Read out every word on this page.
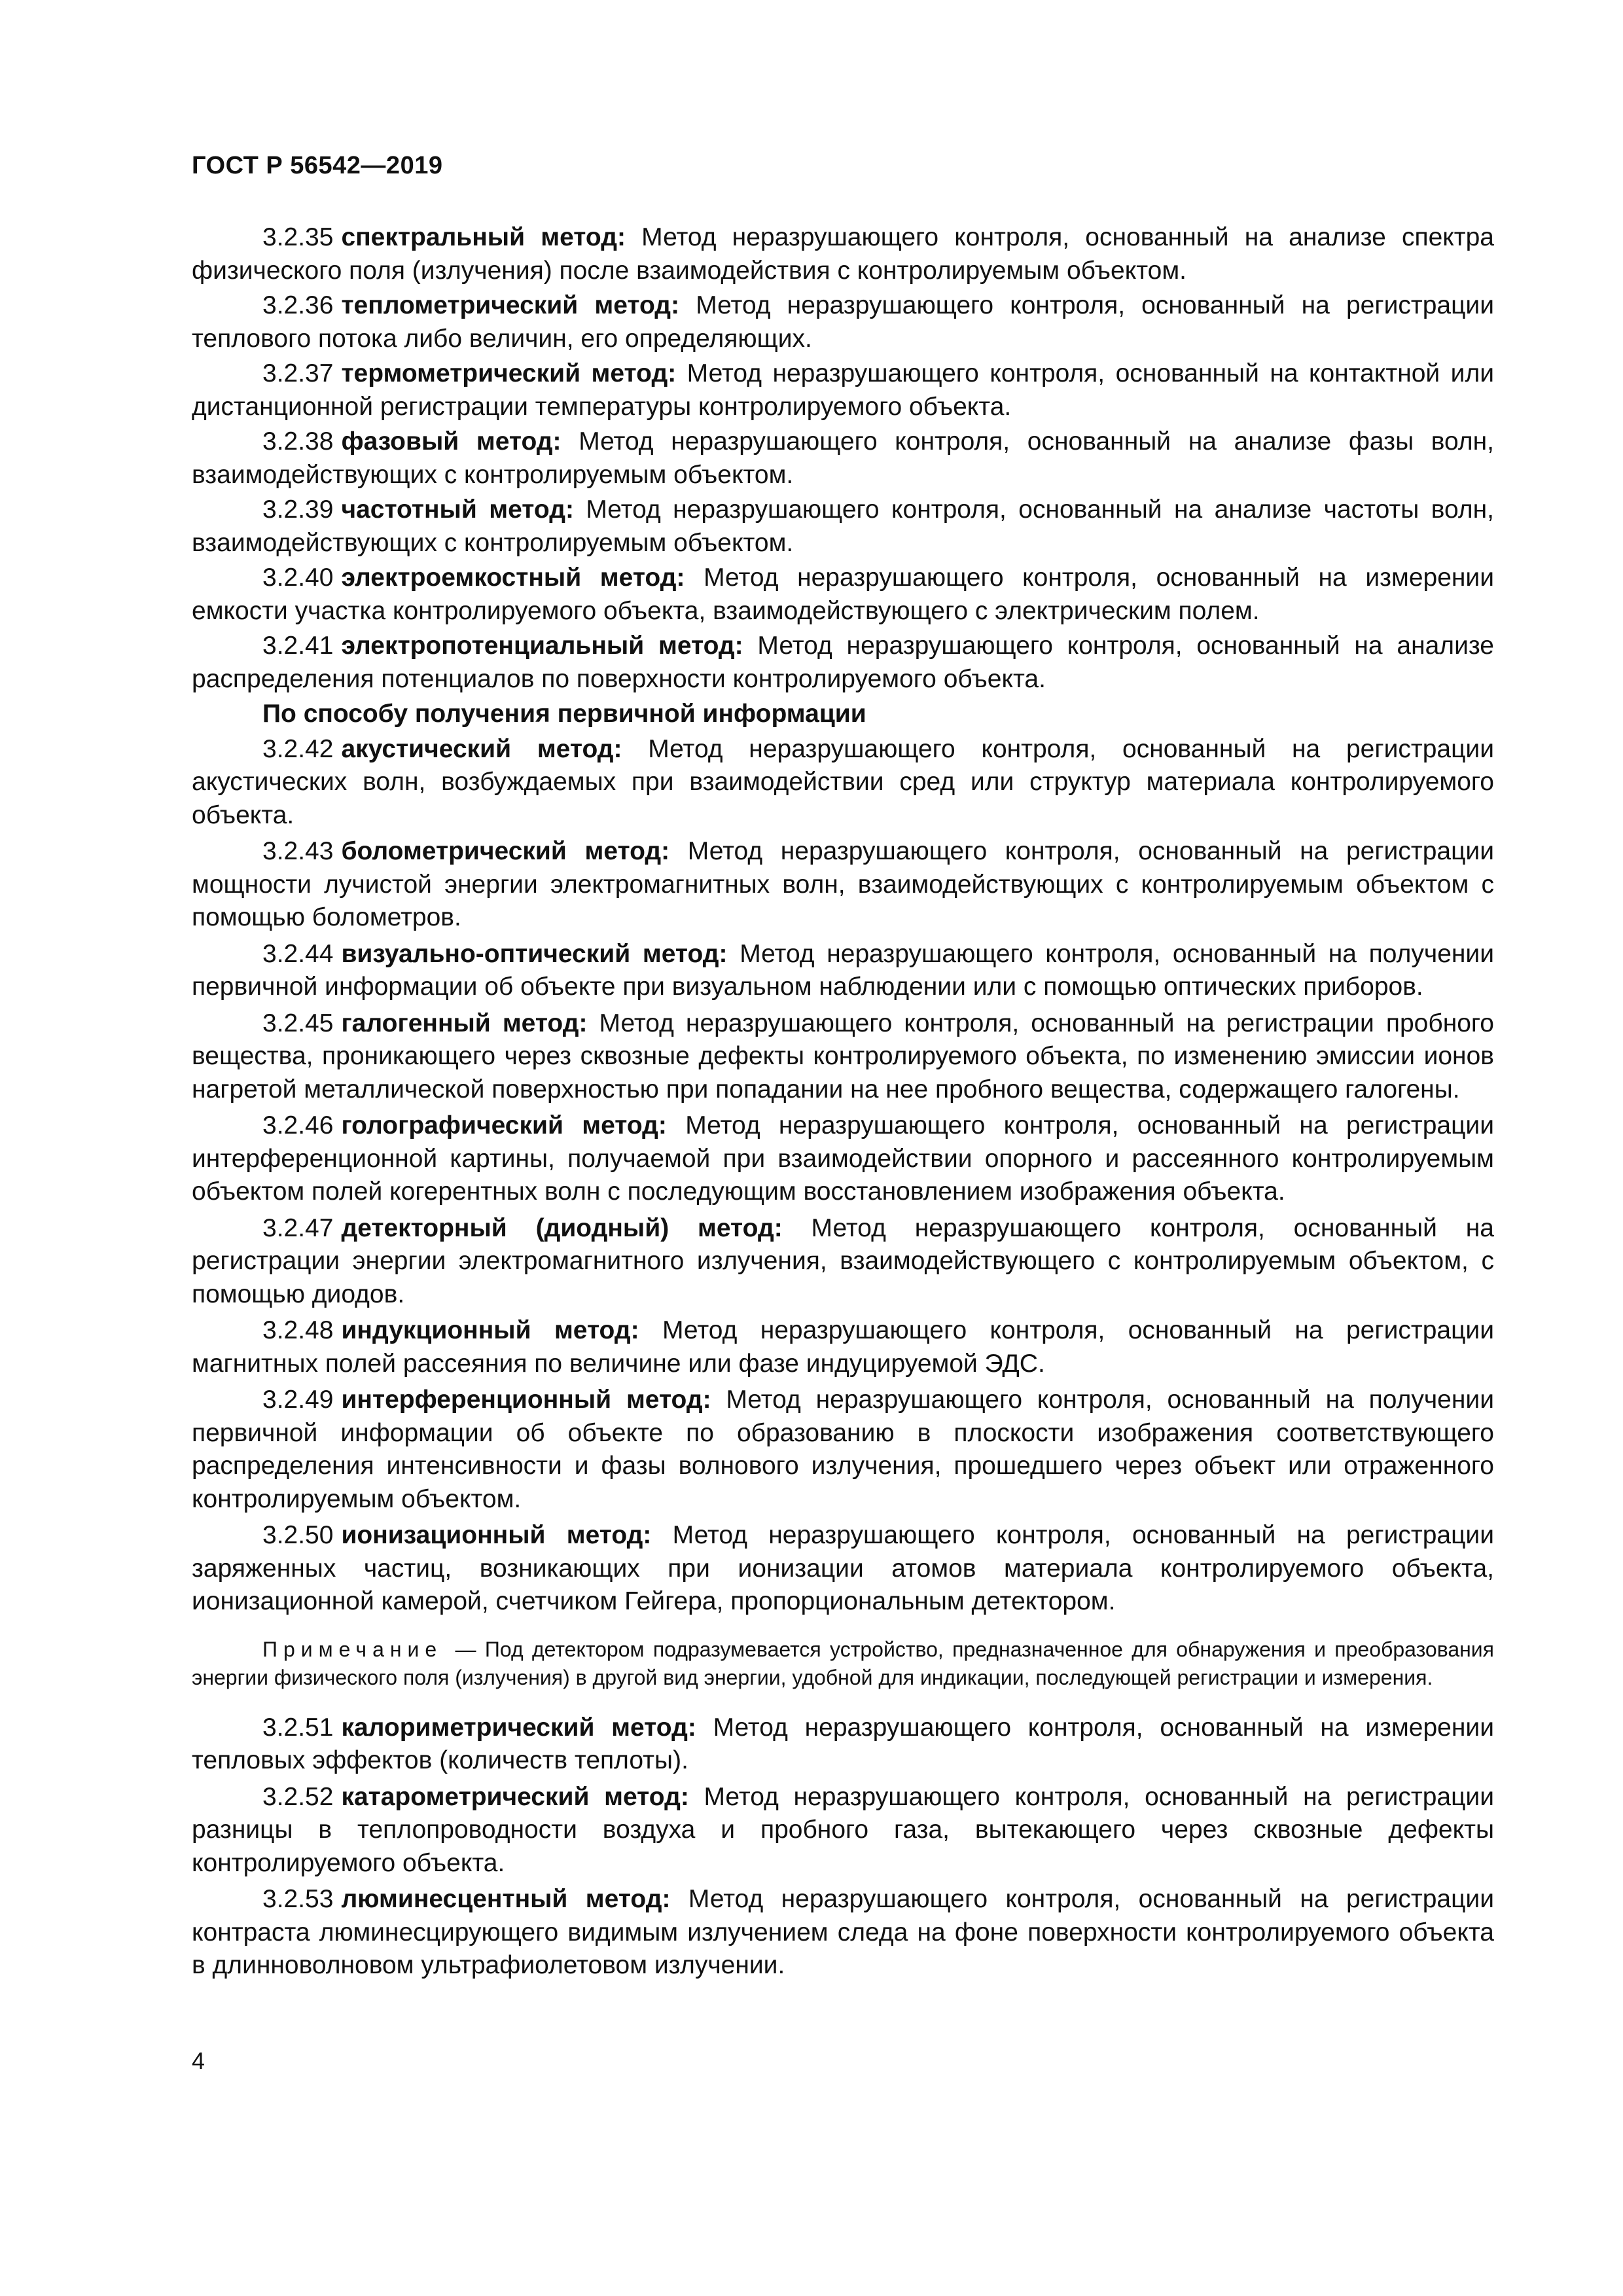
ГОСТ Р 56542—2019

3.2.35 спектральный метод: Метод неразрушающего контроля, основанный на анализе спектра физического поля (излучения) после взаимодействия с контролируемым объектом.

3.2.36 теплометрический метод: Метод неразрушающего контроля, основанный на регистрации теплового потока либо величин, его определяющих.

3.2.37 термометрический метод: Метод неразрушающего контроля, основанный на контактной или дистанционной регистрации температуры контролируемого объекта.

3.2.38 фазовый метод: Метод неразрушающего контроля, основанный на анализе фазы волн, взаимодействующих с контролируемым объектом.

3.2.39 частотный метод: Метод неразрушающего контроля, основанный на анализе частоты волн, взаимодействующих с контролируемым объектом.

3.2.40 электроемкостный метод: Метод неразрушающего контроля, основанный на измерении емкости участка контролируемого объекта, взаимодействующего с электрическим полем.

3.2.41 электропотенциальный метод: Метод неразрушающего контроля, основанный на анализе распределения потенциалов по поверхности контролируемого объекта.

По способу получения первичной информации

3.2.42 акустический метод: Метод неразрушающего контроля, основанный на регистрации акустических волн, возбуждаемых при взаимодействии сред или структур материала контролируемого объекта.

3.2.43 болометрический метод: Метод неразрушающего контроля, основанный на регистрации мощности лучистой энергии электромагнитных волн, взаимодействующих с контролируемым объектом с помощью болометров.

3.2.44 визуально-оптический метод: Метод неразрушающего контроля, основанный на получении первичной информации об объекте при визуальном наблюдении или с помощью оптических приборов.

3.2.45 галогенный метод: Метод неразрушающего контроля, основанный на регистрации пробного вещества, проникающего через сквозные дефекты контролируемого объекта, по изменению эмиссии ионов нагретой металлической поверхностью при попадании на нее пробного вещества, содержащего галогены.

3.2.46 голографический метод: Метод неразрушающего контроля, основанный на регистрации интерференционной картины, получаемой при взаимодействии опорного и рассеянного контролируемым объектом полей когерентных волн с последующим восстановлением изображения объекта.

3.2.47 детекторный (диодный) метод: Метод неразрушающего контроля, основанный на регистрации энергии электромагнитного излучения, взаимодействующего с контролируемым объектом, с помощью диодов.

3.2.48 индукционный метод: Метод неразрушающего контроля, основанный на регистрации магнитных полей рассеяния по величине или фазе индуцируемой ЭДС.

3.2.49 интерференционный метод: Метод неразрушающего контроля, основанный на получении первичной информации об объекте по образованию в плоскости изображения соответствующего распределения интенсивности и фазы волнового излучения, прошедшего через объект или отраженного контролируемым объектом.

3.2.50 ионизационный метод: Метод неразрушающего контроля, основанный на регистрации заряженных частиц, возникающих при ионизации атомов материала контролируемого объекта, ионизационной камерой, счетчиком Гейгера, пропорциональным детектором.

Примечание — Под детектором подразумевается устройство, предназначенное для обнаружения и преобразования энергии физического поля (излучения) в другой вид энергии, удобной для индикации, последующей регистрации и измерения.

3.2.51 калориметрический метод: Метод неразрушающего контроля, основанный на измерении тепловых эффектов (количеств теплоты).

3.2.52 катарометрический метод: Метод неразрушающего контроля, основанный на регистрации разницы в теплопроводности воздуха и пробного газа, вытекающего через сквозные дефекты контролируемого объекта.

3.2.53 люминесцентный метод: Метод неразрушающего контроля, основанный на регистрации контраста люминесцирующего видимым излучением следа на фоне поверхности контролируемого объекта в длинноволновом ультрафиолетовом излучении.

4
